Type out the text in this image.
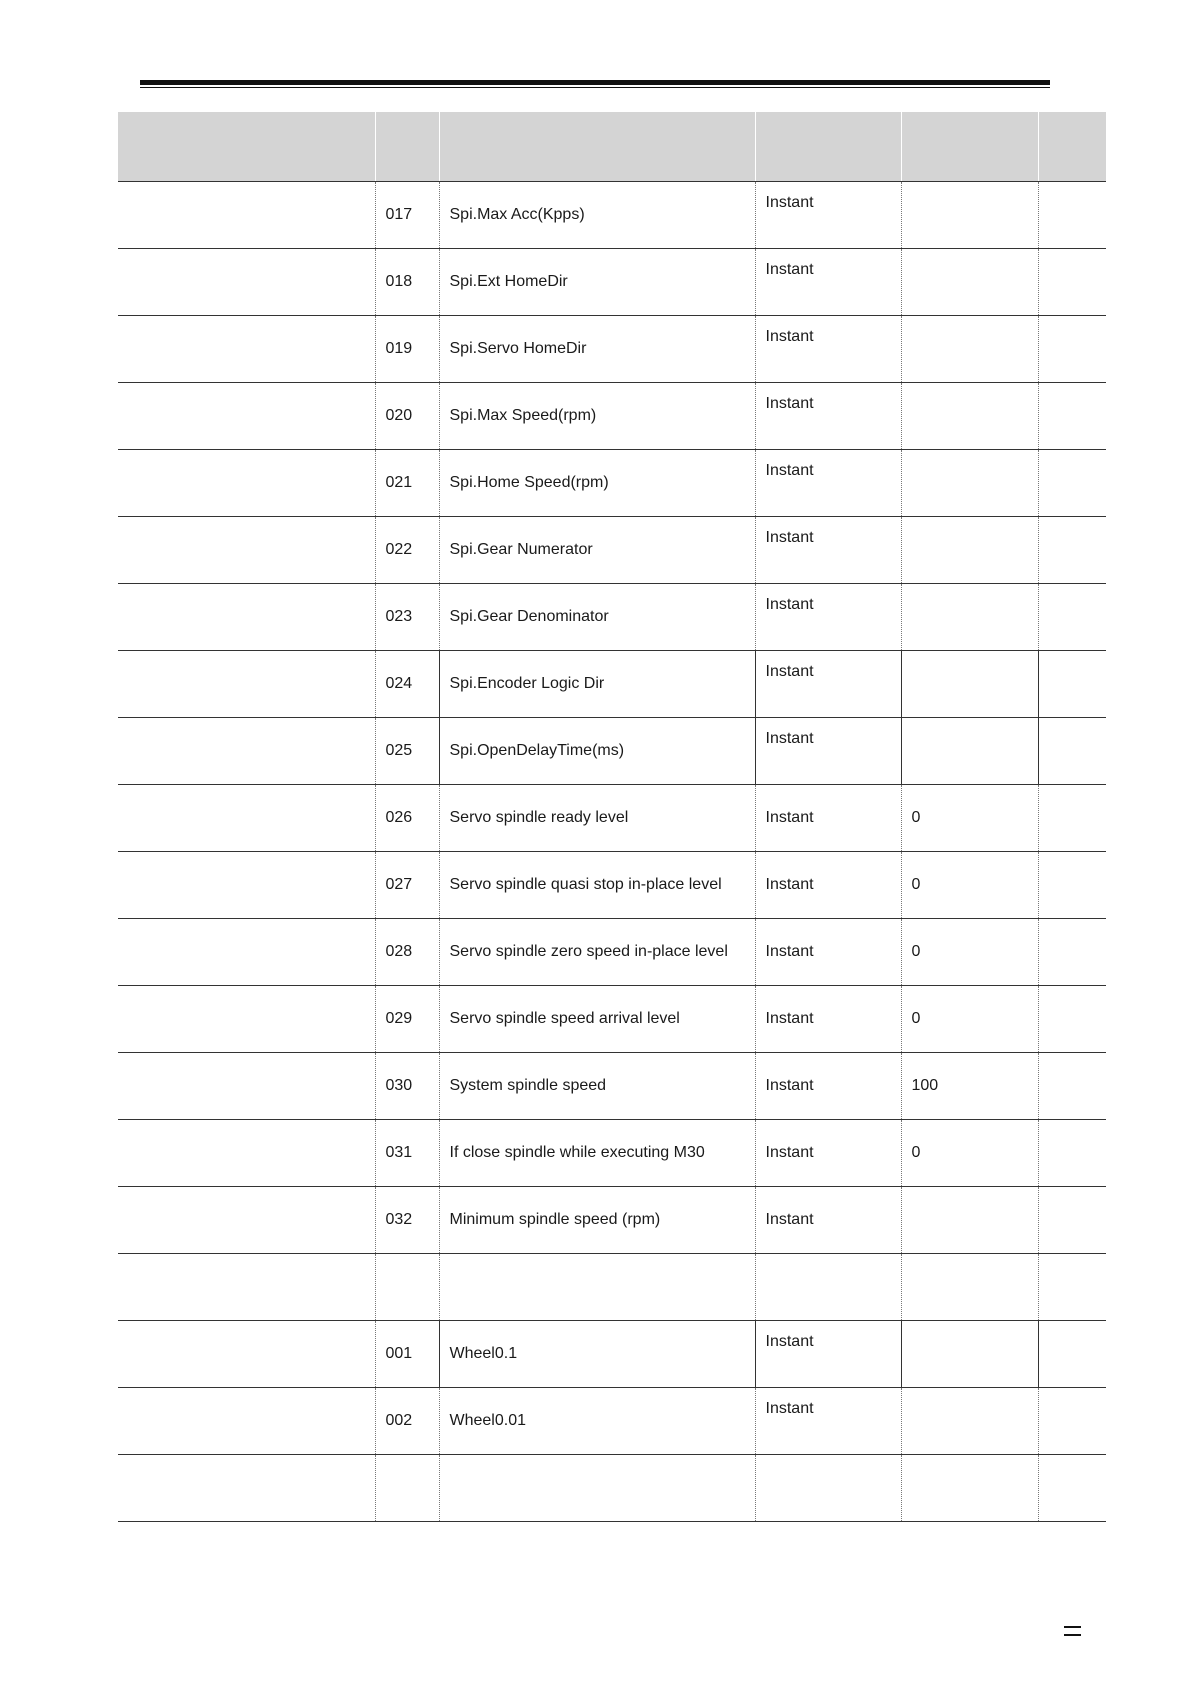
	017	Spi.Max Acc(Kpps)	Instant		
	018	Spi.Ext HomeDir	Instant		
	019	Spi.Servo HomeDir	Instant		
	020	Spi.Max Speed(rpm)	Instant		
	021	Spi.Home Speed(rpm)	Instant		
	022	Spi.Gear Numerator	Instant		
	023	Spi.Gear Denominator	Instant		
	024	Spi.Encoder Logic Dir	Instant		
	025	Spi.OpenDelayTime(ms)	Instant		
	026	Servo spindle ready level	Instant	0	
	027	Servo spindle quasi stop in-place level	Instant	0	
	028	Servo spindle zero speed in-place level	Instant	0	
	029	Servo spindle speed arrival level	Instant	0	
	030	System spindle speed	Instant	100	
	031	If close spindle while executing M30	Instant	0	
	032	Minimum spindle speed (rpm)	Instant		

	001	Wheel0.1	Instant		
	002	Wheel0.01	Instant		
